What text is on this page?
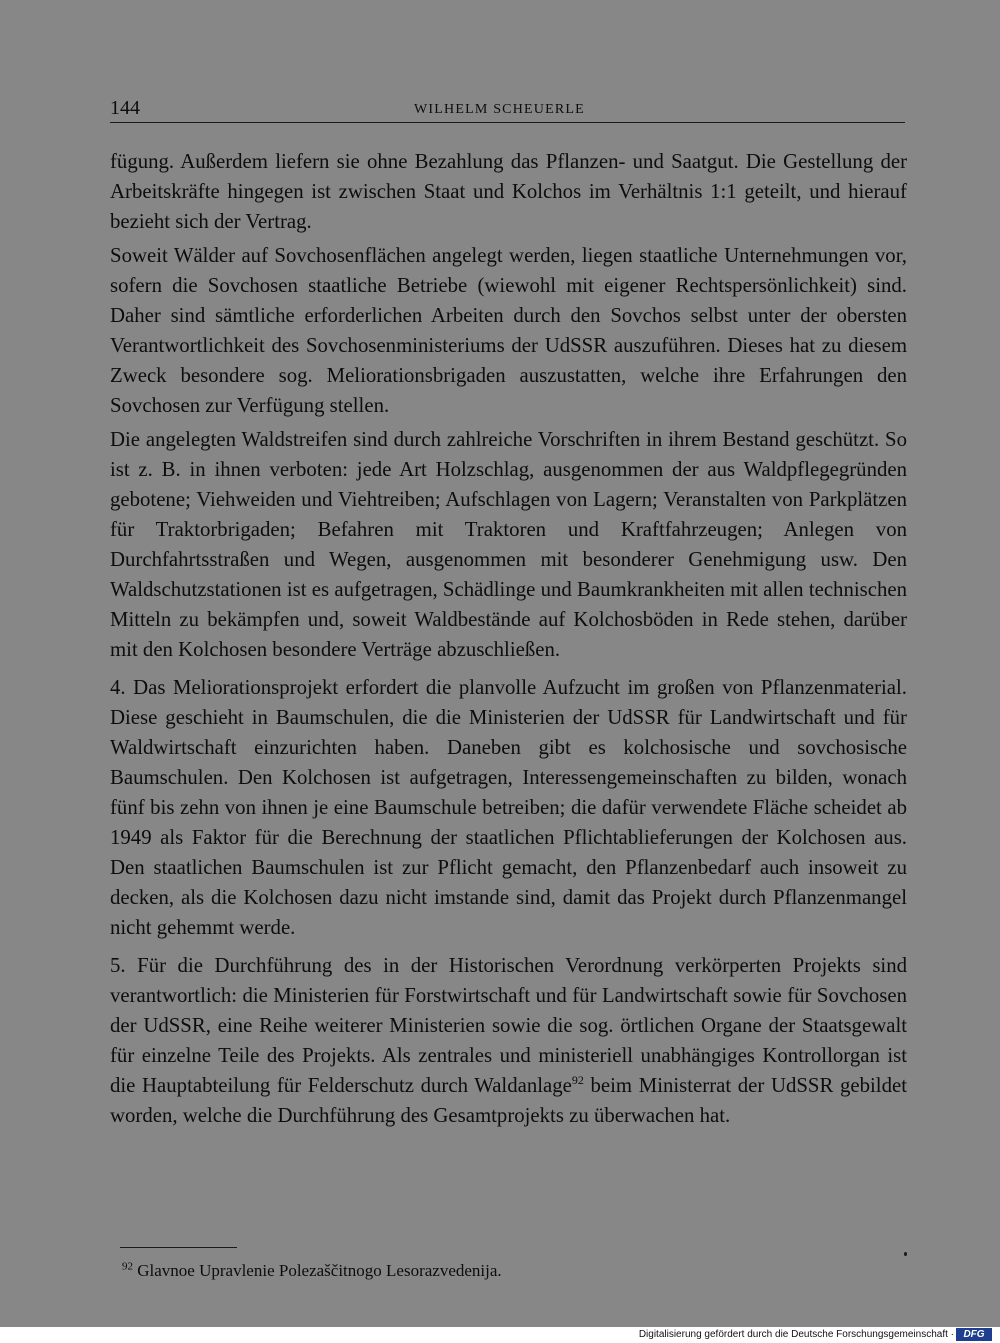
144	WILHELM SCHEUERLE

fügung. Außerdem liefern sie ohne Bezahlung das Pflanzen- und Saatgut. Die Gestellung der Arbeitskräfte hingegen ist zwischen Staat und Kolchos im Verhältnis 1:1 geteilt, und hierauf bezieht sich der Vertrag.

Soweit Wälder auf Sovchosenflächen angelegt werden, liegen staatliche Unternehmungen vor, sofern die Sovchosen staatliche Betriebe (wiewohl mit eigener Rechtspersönlichkeit) sind. Daher sind sämtliche erforderlichen Arbeiten durch den Sovchos selbst unter der obersten Verantwortlichkeit des Sovchosenministeriums der UdSSR auszuführen. Dieses hat zu diesem Zweck besondere sog. Meliorationsbrigaden auszustatten, welche ihre Erfahrungen den Sovchosen zur Verfügung stellen.

Die angelegten Waldstreifen sind durch zahlreiche Vorschriften in ihrem Bestand geschützt. So ist z. B. in ihnen verboten: jede Art Holzschlag, ausgenommen der aus Waldpflegegründen gebotene; Viehweiden und Viehtreiben; Aufschlagen von Lagern; Veranstalten von Parkplätzen für Traktorbrigaden; Befahren mit Traktoren und Kraftfahrzeugen; Anlegen von Durchfahrtsstraßen und Wegen, ausgenommen mit besonderer Genehmigung usw. Den Waldschutzstationen ist es aufgetragen, Schädlinge und Baumkrankheiten mit allen technischen Mitteln zu bekämpfen und, soweit Waldbestände auf Kolchosböden in Rede stehen, darüber mit den Kolchosen besondere Verträge abzuschließen.

4. Das Meliorationsprojekt erfordert die planvolle Aufzucht im großen von Pflanzenmaterial. Diese geschieht in Baumschulen, die die Ministerien der UdSSR für Landwirtschaft und für Waldwirtschaft einzurichten haben. Daneben gibt es kolchosische und sovchosische Baumschulen. Den Kolchosen ist aufgetragen, Interessengemeinschaften zu bilden, wonach fünf bis zehn von ihnen je eine Baumschule betreiben; die dafür verwendete Fläche scheidet ab 1949 als Faktor für die Berechnung der staatlichen Pflichtablieferungen der Kolchosen aus. Den staatlichen Baumschulen ist zur Pflicht gemacht, den Pflanzenbedarf auch insoweit zu decken, als die Kolchosen dazu nicht imstande sind, damit das Projekt durch Pflanzenmangel nicht gehemmt werde.

5. Für die Durchführung des in der Historischen Verordnung verkörperten Projekts sind verantwortlich: die Ministerien für Forstwirtschaft und für Landwirtschaft sowie für Sovchosen der UdSSR, eine Reihe weiterer Ministerien sowie die sog. örtlichen Organe der Staatsgewalt für einzelne Teile des Projekts. Als zentrales und ministeriell unabhängiges Kontrollorgan ist die Hauptabteilung für Felderschutz durch Waldanlage$^{92}$ beim Ministerrat der UdSSR gebildet worden, welche die Durchführung des Gesamtprojekts zu überwachen hat.

$^{92}$ Glavnoe Upravlenie Polezaščitnogo Lesorazvedenija.
Digitalisierung gefördert durch die Deutsche Forschungsgemeinschaft · DFG
